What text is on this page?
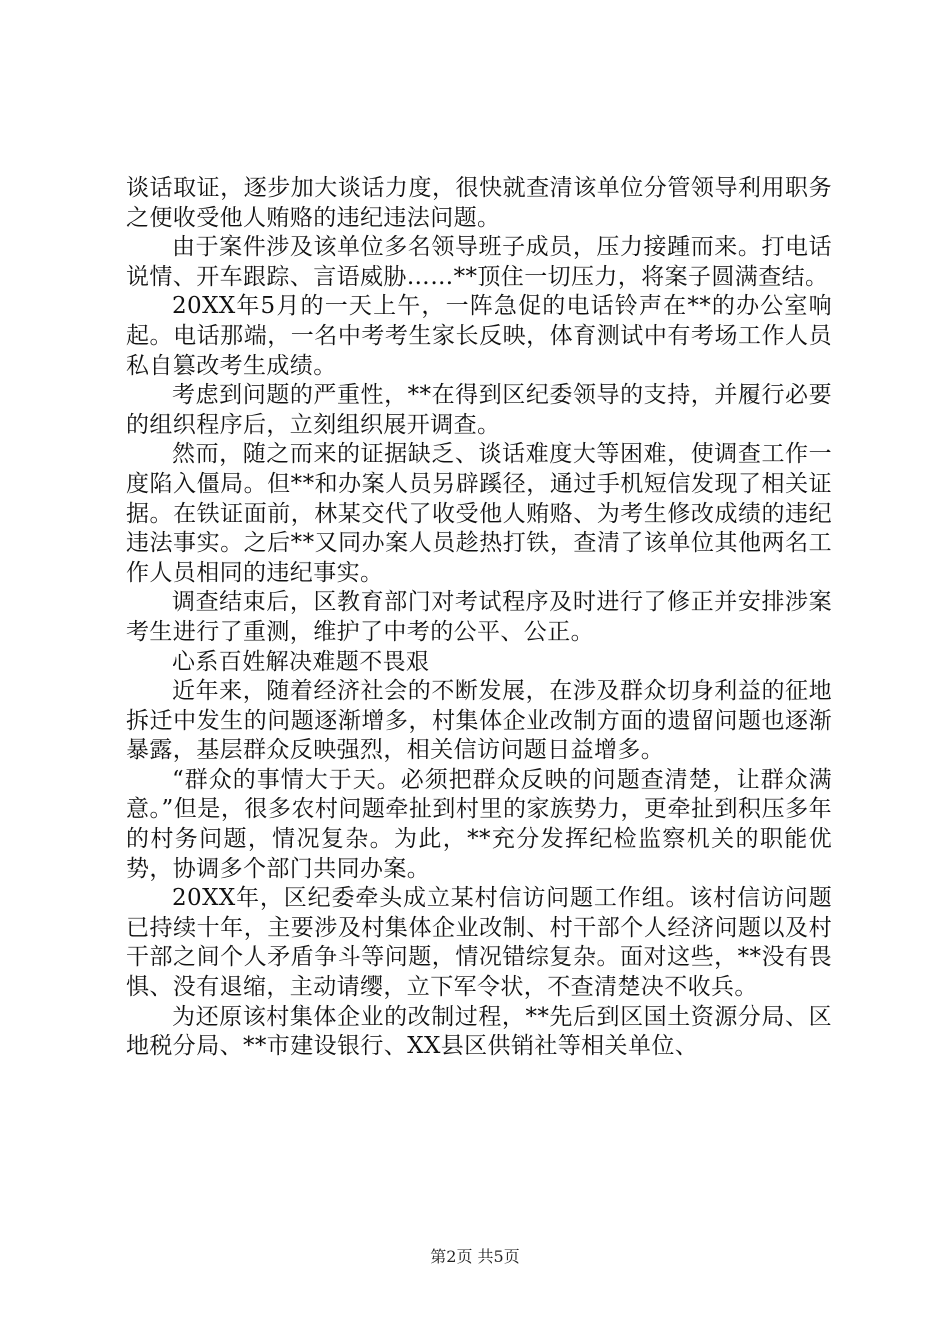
谈话取证，逐步加大谈话力度，很快就查清该单位分管领导利用职务之便收受他人贿赂的违纪违法问题。

由于案件涉及该单位多名领导班子成员，压力接踵而来。打电话说情、开车跟踪、言语威胁……**顶住一切压力，将案子圆满查结。

20XX年5月的一天上午，一阵急促的电话铃声在**的办公室响起。电话那端，一名中考考生家长反映，体育测试中有考场工作人员私自篡改考生成绩。

考虑到问题的严重性，**在得到区纪委领导的支持，并履行必要的组织程序后，立刻组织展开调查。

然而，随之而来的证据缺乏、谈话难度大等困难，使调查工作一度陷入僵局。但**和办案人员另辟蹊径，通过手机短信发现了相关证据。在铁证面前，林某交代了收受他人贿赂、为考生修改成绩的违纪违法事实。之后**又同办案人员趁热打铁，查清了该单位其他两名工作人员相同的违纪事实。

调查结束后，区教育部门对考试程序及时进行了修正并安排涉案考生进行了重测，维护了中考的公平、公正。

心系百姓解决难题不畏艰

近年来，随着经济社会的不断发展，在涉及群众切身利益的征地拆迁中发生的问题逐渐增多，村集体企业改制方面的遗留问题也逐渐暴露，基层群众反映强烈，相关信访问题日益增多。

“群众的事情大于天。必须把群众反映的问题查清楚，让群众满意。”但是，很多农村问题牵扯到村里的家族势力，更牵扯到积压多年的村务问题，情况复杂。为此，**充分发挥纪检监察机关的职能优势，协调多个部门共同办案。

20XX年，区纪委牵头成立某村信访问题工作组。该村信访问题已持续十年，主要涉及村集体企业改制、村干部个人经济问题以及村干部之间个人矛盾争斗等问题，情况错综复杂。面对这些，**没有畏惧、没有退缩，主动请缨，立下军令状，不查清楚决不收兵。

为还原该村集体企业的改制过程，**先后到区国土资源分局、区地税分局、**市建设银行、XX县区供销社等相关单位、

第2页 共5页
